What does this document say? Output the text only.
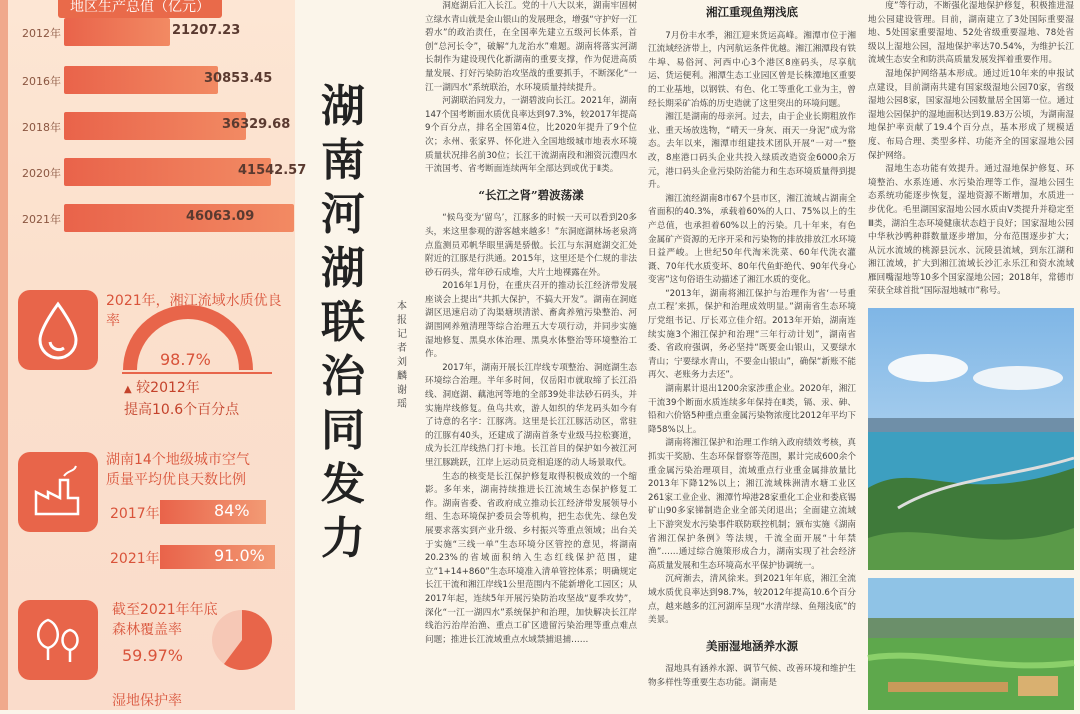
地区生产总值（亿元）
2012年	21207.23
2016年	30853.45
2018年	36329.68
2020年	41542.57
2021年	46063.09
2021年，湘江流域水质优良率
98.7%
▲ 较2012年
提高10.6个百分点
湖南14个地级城市空气
质量平均优良天数比例
2017年	84%
2021年	91.0%
截至2021年年底
森林覆盖率
59.97%
湿地保护率
湖
南
河
湖
联
治
同
发
力
本报记者 刘麟 谢瑶

洞庭湖后汇入长江。党的十八大以来，湖南牢固树立绿水青山就是金山银山的发展理念，增强“守护好一江碧水”的政治责任，在全国率先建立五级河长体系，首创“总河长令”，破解“九龙治水”难题。湖南将落实河湖长制作为建设现代化新湖南的重要支撑，作为促进高质量发展、打好污染防治攻坚战的重要抓手，不断深化“一江一湖四水”系统联治，水环境质量持续提升。

河湖联治同发力，一湖碧波向长江。2021年，湖南147个国考断面水质优良率达到97.3%，较2017年提高9个百分点，排名全国第4位，比2020年提升了9个位次；永州、张家界、怀化进入全国地级城市地表水环境质量状况排名前30位；长江干流湖南段和湘资沅澧四水干流国考、省考断面连续两年全部达到或优于Ⅱ类。

“长江之肾”碧波荡漾

“候鸟变为‘留鸟’，江豚多的时候一天可以看到20多头，来这里参观的游客越来越多！”东洞庭湖林场老泉湾点监测员邓帆华眼里满是骄傲。长江与东洞庭湖交汇处附近的江豚是行洪通。2015年，这里还是个仁规的非法砂石码头，常年砂石成堆，大片土地裸露在外。

2016年1月份，在重庆召开的推动长江经济带发展座谈会上提出“共抓大保护，不搞大开发”。湖南在洞庭湖区迅速启动了沟渠塘坝清淤、畜禽养殖污染整治、河湖围网养殖清理等综合治理五大专项行动，并同步实施湿地修复、黑臭水体治理、黑臭水体整治等环境整治工作。

2017年，湖南开展长江岸线专项整治、洞庭湖生态环境综合治理。半年多时间，仅岳阳市就取缔了长江沿线、洞庭湖、藕池河等地的全部39处非法砂石码头，并实施岸线修复。鱼鸟共欢，游人如织的华龙码头如今有了诗意的名字：江豚湾。这里是长江江豚活动区，常驻的江豚有40头，还建成了湖南首条专业级马拉松赛道，成为长江岸线热门打卡地。长江首目的保护如今被江河里江豚跳跃，江岸上运动员竞相追逐的动人场景取代。

生态的核变是长江保护修复取得积极成效的一个缩影。多年来，湖南持续推进长江流域生态保护修复工作。湖南省委、省政府成立推动长江经济带发展领导小组、生态环境保护委员会等机构，把生态优先、绿色发展要求落实到产业升级、乡村振兴等重点领域；出台关于实施“三线一单”生态环境分区管控的意见，将湖南20.23%的省域面积纳入生态红线保护范围，建立“1+14+860”生态环境准入清单管控体系；明确规定长江干流和湘江岸线1公里范围内不能新增化工园区；从2017年起，连续5年开展污染防治攻坚战“夏季攻势”，深化“一江一湖四水”系统保护和治理，加快解决长江岸线治污治岸治渔、重点工矿区遗留污染治理等重点难点问题；推进长江流域重点水域禁捕退捕……

湘江重现鱼翔浅底

7月份丰水季，湘江迎来货运高峰。湘潭市位于湘江流域经济带上，内河航运条件优越。湘江湘潭段有铁牛埠、易俗河、河西中心3个港区8座码头，尽享航运、货运便利。湘潭生态工业园区曾是长株潭地区重要的工业基地，以钢铁、有色、化工等重化工业为主，曾经长期采矿冶炼的历史造就了这里突出的环境问题。

湘江是湖南的母亲河。过去，由于企业长期粗放作业、重天场放选物，“晴天一身灰、雨天一身泥”成为常态。去年以来，湘潭市组建技术团队开展“一对一”整改，8座港口码头企业共投入绿质改造资金6000余万元，港口码头企业污染防治能力和生态环境质量得到提升。

湘江流经湖南8市67个县市区，湘江流域占湖南全省面积的40.3%，承载着60%的人口、75%以上的生产总值，也承担着60%以上的污染。几十年来，有色金属矿产资源的无序开采和污染物的排放排放江水环境日益严峻。上世纪50年代淘米洗菜、60年代洗衣灌溉、70年代水质变坏、80年代鱼虾绝代、90年代身心变害”这句俗语生动描述了湘江水质的变化。

“2013年，湖南将湘江保护与治理作为省‘一号重点工程’来抓，保护和治理成效明显。”湖南省生态环境厅党组书记、厅长邓立佳介绍。2013年开始，湖南连续实施3个湘江保护和治理“三年行动计划”，湖南省委、省政府强调，务必坚持“既要金山银山，又要绿水青山；宁要绿水青山，不要金山银山”，确保“新账不能再欠、老账务力去还”。

湖南累计退出1200余家涉重企业。2020年，湘江干流39个断面水质连续多年保持在Ⅱ类，镉、汞、砷、铅和六价铬5种重点重金属污染物浓度比2012年平均下降58%以上。

湖南将湘江保护和治理工作纳入政府绩效考核，真抓实干奖励、生态环保督察等范围，累计完成600余个重金属污染治理项目，流域重点行业重金属排放量比2013年下降12%以上；湘江流域株洲清水塘工业区261家工业企业、湘潭竹埠港28家重化工企业和娄底锡矿山90多家锑制造企业全部关闭退出；全面建立流域上下游突发水污染事件联防联控机制；颁布实施《湖南省湘江保护条例》等法规，千流全面开展“十年禁渔”……通过综合施策形成合力，湖南实现了社会经济高质量发展和生态环境高水平保护协调统一。

沉疴渐去，清风徐来。到2021年年底，湘江全流域水质优良率达到98.7%，较2012年提高10.6个百分点，越来越多的江河湖库呈现“水清岸绿、鱼翔浅底”的美景。

美丽湿地涵养水源

湿地具有涵养水源、调节气候、改善环境和维护生物多样性等重要生态功能。湖南是

度”等行动，不断强化湿地保护修复，积极推进湿地公园建设管理。目前，湖南建立了3处国际重要湿地、5处国家重要湿地、52处省级重要湿地、78处省级以上湿地公园，湿地保护率达70.54%，为维护长江流域生态安全和防洪高质量发展发挥着重要作用。

湿地保护网络基本形成。通过近10年来的申报试点建设，目前湖南共建有国家级湿地公园70家，省级湿地公园8家，国家湿地公园数量居全国第一位。通过湿地公园保护的湿地面积达到19.83万公顷，为湖南湿地保护率贡献了19.4个百分点，基本形成了规模适度、布局合理、类型多样、功能齐全的国家湿地公园保护网络。

湿地生态功能有效提升。通过湿地保护修复、环境整治、水系连通、水污染治理等工作，湿地公园生态系统功能逐步恢复，湿地资源不断增加，水质进一步优化。毛里湖国家湿地公园水质由Ⅴ类提升并稳定至Ⅲ类，湖泊生态环境健康状态趋于良好；国家湿地公园中华秋沙鸭种群数量逐步增加，分布范围逐步扩大；从沅水流域的桃源县沅水、沅陵县流域，到东江湖和湘江流域，扩大到湘江流域长沙汇永乐江和资水流域雁回嘴湿地等10多个国家湿地公园；2018年，常德市荣获全球首批“国际湿地城市”称号。
